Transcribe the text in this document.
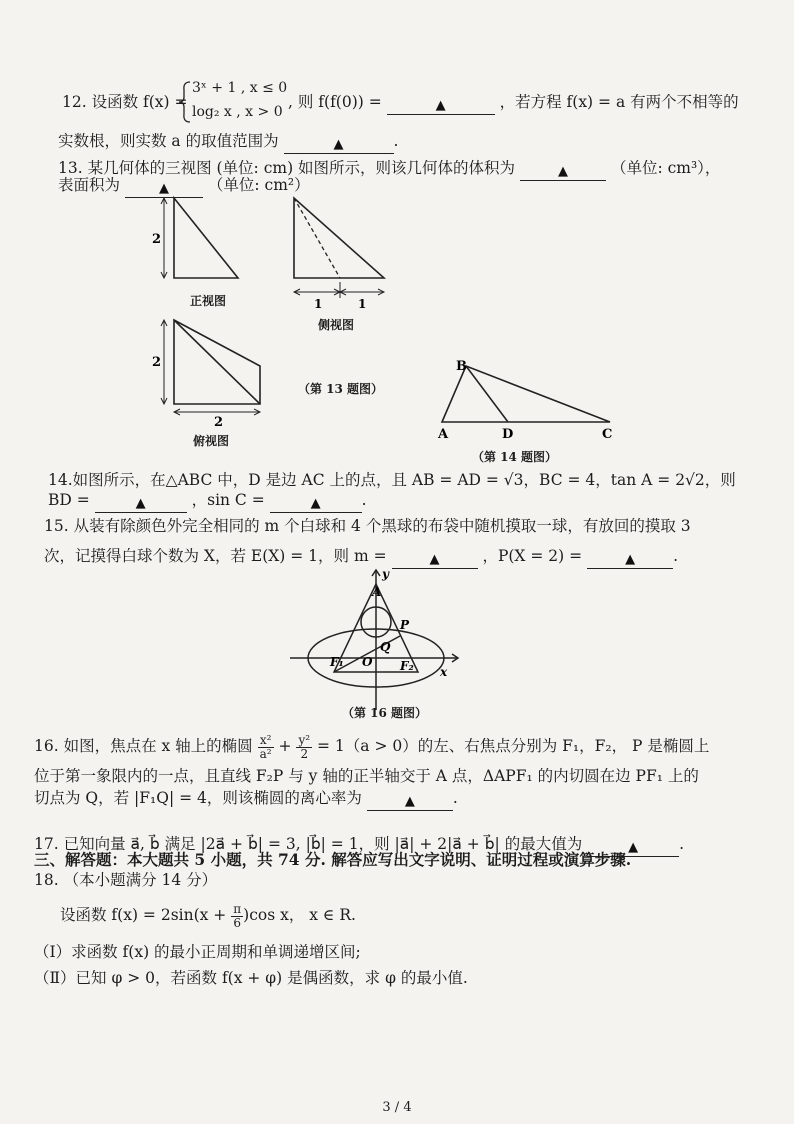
12. 设函数 f(x) =
3ˣ + 1 , x ≤ 0
log₂ x , x > 0
, 则 f(f(0)) =	▲	，若方程 f(x) = a 有两个不相等的
实数根，则实数 a 的取值范围为	▲	.
13. 某几何体的三视图 (单位: cm) 如图所示，则该几何体的体积为	▲	（单位: cm³），
表面积为	▲	（单位: cm²）
2
1	1
2
2
正视图
侧视图
俯视图
（第 13 题图）
B
A	D	C
（第 14 题图）
14.如图所示，在△ABC 中，D 是边 AC 上的点，且 AB = AD = √3，BC = 4，tan A = 2√2，则
BD =	▲	，sin C =	▲	.
15. 从装有除颜色外完全相同的 m 个白球和 4 个黑球的布袋中随机摸取一球，有放回的摸取 3
次，记摸得白球个数为 X，若 E(X) = 1，则 m =	▲	，P(X = 2) =	▲ .
y
A
P
Q
O
F₁	F₂ x
（第 16 题图）
16. 如图，焦点在 x 轴上的椭圆 $\frac{\text{x²}}{\text{a²}} + \frac{\text{y²}}{2} = 1(a > 0)$的左、右焦点分别为 F₁，F₂， P 是椭圆上
位于第一象限内的一点，且直线 F₂P 与 y 轴的正半轴交于 A 点，ΔAPF₁ 的内切圆在边 PF₁ 上的
切点为 Q，若 |F₁Q| = 4，则该椭圆的离心率为	▲ .
17. 已知向量 a⃗, b⃗ 满足 |2a⃗ + b⃗| = 3, |b⃗| = 1，则 |a⃗| + 2|a⃗ + b⃗| 的最大值为	▲	.
三、解答题：本大题共 5 小题，共 74 分. 解答应写出文字说明、证明过程或演算步骤.
18. （本小题满分 14 分）
设函数 $f(x) = 2\sin(x + \frac{\pi}{6} )\cos$ x， x ∈ R.
（Ⅰ）求函数 f(x) 的最小正周期和单调递增区间;
（Ⅱ）已知 φ > 0，若函数 f(x + φ) 是偶函数，求 φ 的最小值.
3 / 4
